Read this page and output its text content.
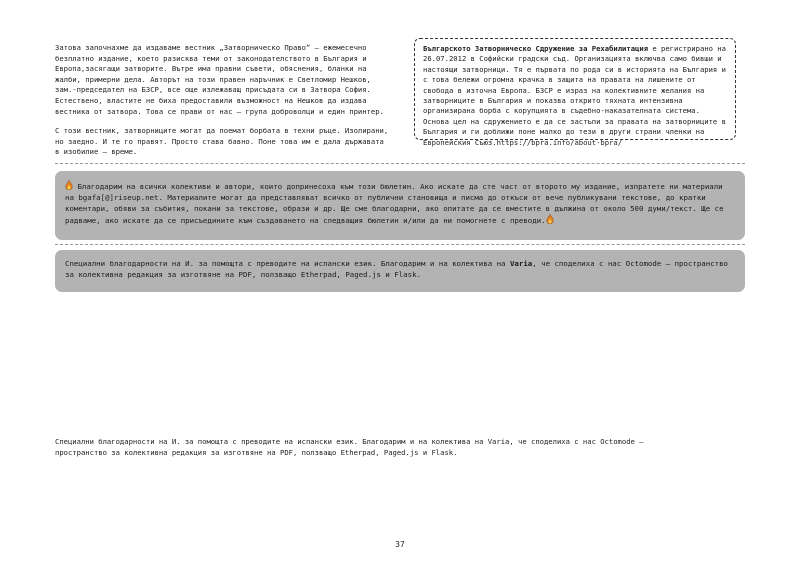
Затова започнахме да издаваме вестник „Затворническо Право“ – ежемесечно безплатно издание, което разисква теми от законодателството в България и Европа,засягащи затворите. Вътре има правни съвети, обяснения, бланки на жалби, примерни дела. Авторът на този правен наръчник е Светломир Нешков, зам.-председател на БЗСР, все още излежаващ присъдата си в Затвора София. Естествено, властите не биха предоставили възможност на Нешков да издава вестника от затвора. Това се прави от нас – група доброволци и един принтер.

С този вестник, затворниците могат да поемат борбата в техни ръце. Изолирани, но заедно. И те го правят. Просто става бавно. Поне това им е дала държавата в изобилие – време.

Българското Затворническо Сдружение за Рехабилитация е регистрирано на 26.07.2012 в Софийски градски съд. Организацията включва само бивши и настоящи затворници. Тя е първата по рода си в историята на България и с това бележи огромна крачка в защита на правата на лишените от свобода в източна Европа. БЗСР е израз на колективните желания на затворниците в България и показва открито тяхната интензивна организирана борба с корупцията в съдебно-наказателната система. Основа цел на сдружението е да се застъпи за правата на затворниците в България и ги доближи поне малко до тези в други страни членки на Европейския Съюз.https://bpra.info/about-bpra/
Благодарим на всички колективи и автори, които допринесоха към този бюлетин. Ако искате да сте част от второто му издание, изпратете ни материали на bgafa[@]riseup.net. Материалите могат да представляват всичко от публични становища и писма до откъси от вече публикувани текстове, до кратки коментари, обяви за събития, покани за текстове, образи и др. Ще сме благодарни, ако опитате да се вместите в дължина от около 500 думи/текст. Ще се радваме, ако искате да се присъедините към създаването на следващия бюлетин и/или да ни помогнете с преводи.
Специални благодарности на И. за помощта с преводите на испански език. Благодарим и на колектива на Varia, че споделиха с нас Octomode – пространство за колективна редакция за изготвяне на PDF, ползващо Etherpad, Paged.js и Flask.
Специални благодарности на И. за помощта с преводите на испански език. Благодарим и на колектива на Varia, че споделиха с нас Octomode – пространство за колективна редакция за изготвяне на PDF, ползващо Etherpad, Paged.js и Flask.
37
